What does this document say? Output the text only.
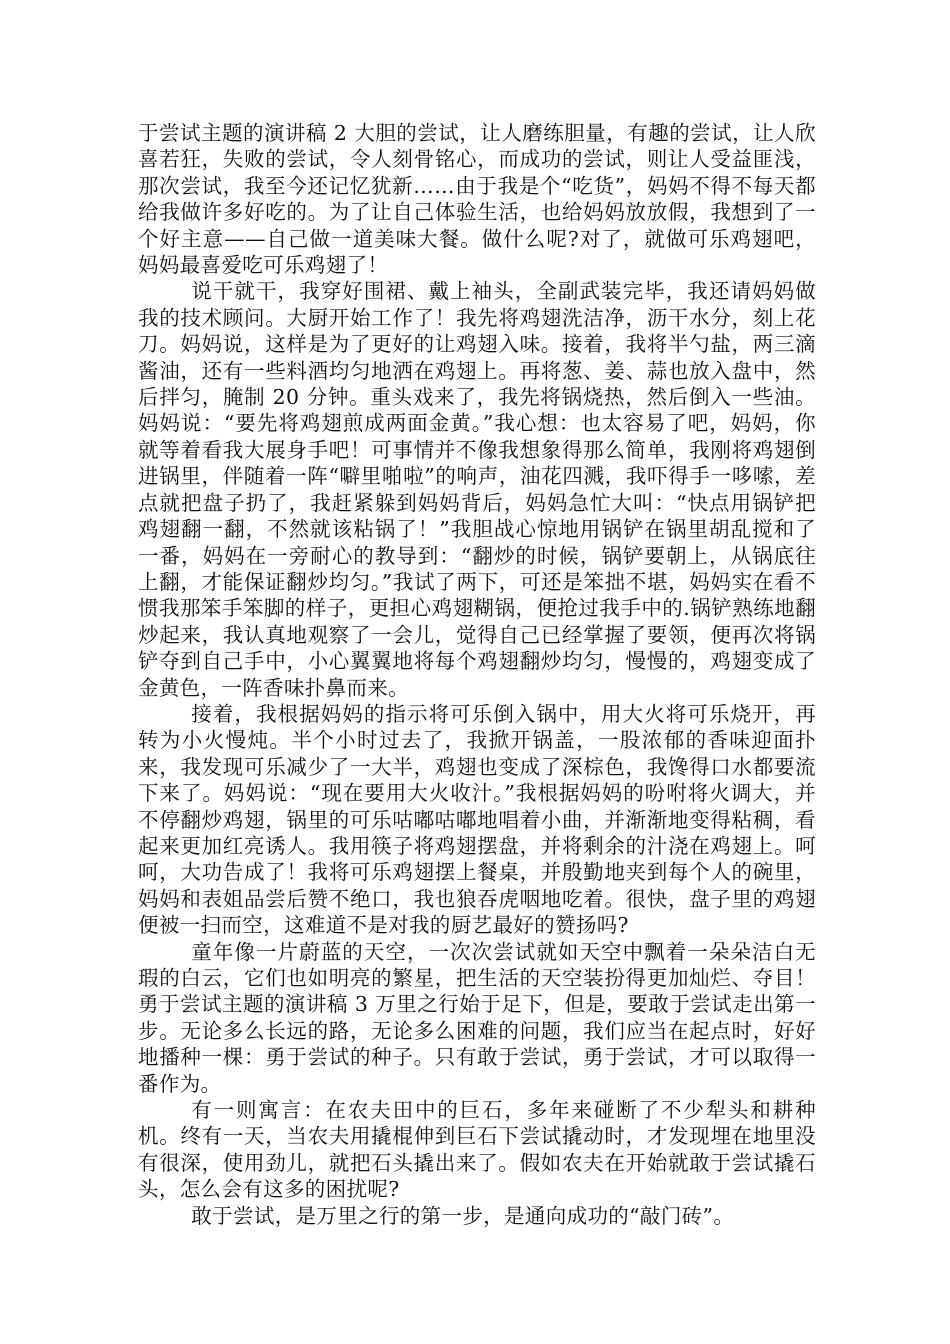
于尝试主题的演讲稿 2 大胆的尝试，让人磨练胆量，有趣的尝试，让人欣喜若狂，失败的尝试，令人刻骨铭心，而成功的尝试，则让人受益匪浅，那次尝试，我至今还记忆犹新……由于我是个“吃货”，妈妈不得不每天都给我做许多好吃的。为了让自己体验生活，也给妈妈放放假，我想到了一个好主意——自己做一道美味大餐。做什么呢?对了，就做可乐鸡翅吧，妈妈最喜爱吃可乐鸡翅了！

说干就干，我穿好围裙、戴上袖头，全副武装完毕，我还请妈妈做我的技术顾问。大厨开始工作了！我先将鸡翅洗洁净，沥干水分，刻上花刀。妈妈说，这样是为了更好的让鸡翅入味。接着，我将半勺盐，两三滴酱油，还有一些料酒均匀地洒在鸡翅上。再将葱、姜、蒜也放入盘中，然后拌匀，腌制 20 分钟。重头戏来了，我先将锅烧热，然后倒入一些油。妈妈说：“要先将鸡翅煎成两面金黄。”我心想：也太容易了吧，妈妈，你就等着看我大展身手吧！可事情并不像我想象得那么简单，我刚将鸡翅倒进锅里，伴随着一阵“噼里啪啦”的响声，油花四溅，我吓得手一哆嗦，差点就把盘子扔了，我赶紧躲到妈妈背后，妈妈急忙大叫：“快点用锅铲把鸡翅翻一翻，不然就该粘锅了！”我胆战心惊地用锅铲在锅里胡乱搅和了一番，妈妈在一旁耐心的教导到：“翻炒的时候，锅铲要朝上，从锅底往上翻，才能保证翻炒均匀。”我试了两下，可还是笨拙不堪，妈妈实在看不惯我那笨手笨脚的样子，更担心鸡翅糊锅，便抢过我手中的.锅铲熟练地翻炒起来，我认真地观察了一会儿，觉得自己已经掌握了要领，便再次将锅铲夺到自己手中，小心翼翼地将每个鸡翅翻炒均匀，慢慢的，鸡翅变成了金黄色，一阵香味扑鼻而来。

接着，我根据妈妈的指示将可乐倒入锅中，用大火将可乐烧开，再转为小火慢炖。半个小时过去了，我掀开锅盖，一股浓郁的香味迎面扑来，我发现可乐减少了一大半，鸡翅也变成了深棕色，我馋得口水都要流下来了。妈妈说：“现在要用大火收汁。”我根据妈妈的吩咐将火调大，并不停翻炒鸡翅，锅里的可乐咕嘟咕嘟地唱着小曲，并渐渐地变得粘稠，看起来更加红亮诱人。我用筷子将鸡翅摆盘，并将剩余的汁浇在鸡翅上。呵呵，大功告成了！我将可乐鸡翅摆上餐桌，并殷勤地夹到每个人的碗里，妈妈和表姐品尝后赞不绝口，我也狼吞虎咽地吃着。很快，盘子里的鸡翅便被一扫而空，这难道不是对我的厨艺最好的赞扬吗?

童年像一片蔚蓝的天空，一次次尝试就如天空中飘着一朵朵洁白无瑕的白云，它们也如明亮的繁星，把生活的天空装扮得更加灿烂、夺目！勇于尝试主题的演讲稿 3 万里之行始于足下，但是，要敢于尝试走出第一步。无论多么长远的路，无论多么困难的问题，我们应当在起点时，好好地播种一棵：勇于尝试的种子。只有敢于尝试，勇于尝试，才可以取得一番作为。

有一则寓言：在农夫田中的巨石，多年来碰断了不少犁头和耕种机。终有一天，当农夫用撬棍伸到巨石下尝试撬动时，才发现埋在地里没有很深，使用劲儿，就把石头撬出来了。假如农夫在开始就敢于尝试撬石头，怎么会有这多的困扰呢?

敢于尝试，是万里之行的第一步，是通向成功的“敲门砖”。
